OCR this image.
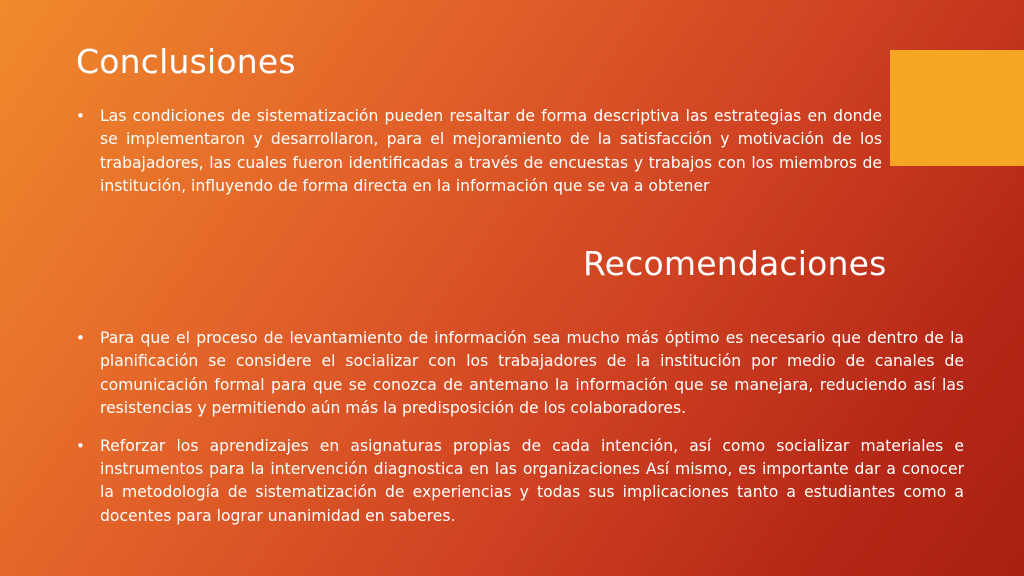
Conclusiones
• Las condiciones de sistematización pueden resaltar de forma descriptiva las estrategias en donde se implementaron y desarrollaron, para el mejoramiento de la satisfacción y motivación de los trabajadores, las cuales fueron identificadas a través de encuestas y trabajos con los miembros de institución, influyendo de forma directa en la información que se va a obtener
Recomendaciones
• Para que el proceso de levantamiento de información sea mucho más óptimo es necesario que dentro de la planificación se considere el socializar con los trabajadores de la institución por medio de canales de comunicación formal para que se conozca de antemano la información que se manejara, reduciendo así las resistencias y permitiendo aún más la predisposición de los colaboradores.
• Reforzar los aprendizajes en asignaturas propias de cada intención, así como socializar materiales e instrumentos para la intervención diagnostica en las organizaciones Así mismo, es importante dar a conocer la metodología de sistematización de experiencias y todas sus implicaciones tanto a estudiantes como a docentes para lograr unanimidad en saberes.
